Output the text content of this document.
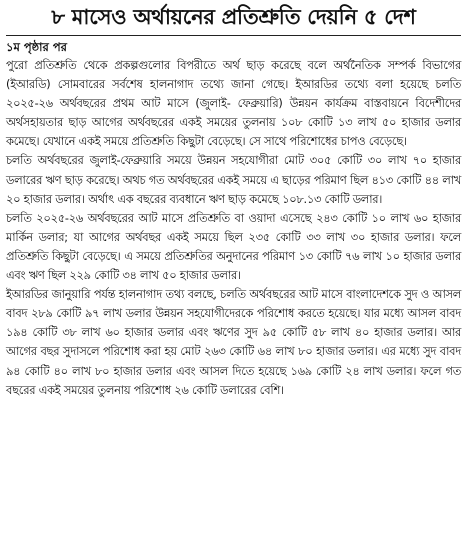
৮ মাসেও অর্থায়নের প্রতিশ্রুতি দেয়নি ৫ দেশ
১ম পৃষ্ঠার পর

পুরো প্রতিশ্রুতি থেকে প্রকল্পগুলোর বিপরীতে অর্থ ছাড় করেছে বলে অর্থনৈতিক সম্পর্ক বিভাগের (ইআরডি) সোমবারের সর্বশেষ হালনাগাদ তথ্যে জানা গেছে। ইআরডির তথ্যে বলা হয়েছে চলতি ২০২৫-২৬ অর্থবছরের প্রথম আট মাসে (জুলাই- ফেব্রুয়ারি) উন্নয়ন কার্যক্রম বাস্তবায়নে বিদেশীদের অর্থসহায়তার ছাড় আগের অর্থবছরের একই সময়ের তুলনায় ১০৮ কোটি ১৩ লাখ ৫০ হাজার ডলার কমেছে। যেখানে একই সময়ে প্রতিশ্রুতি কিছুটা বেড়েছে। সে সাথে পরিশোধের চাপও বেড়েছে।

চলতি অর্থবছরের জুলাই-ফেব্রুয়ারি সময়ে উন্নয়ন সহযোগীরা মোট ৩০৫ কোটি ৩০ লাখ ৭০ হাজার ডলারের ঋণ ছাড় করেছে। অথচ গত অর্থবছরের একই সময়ে এ ছাড়ের পরিমাণ ছিল ৪১৩ কোটি ৪৪ লাখ ২০ হাজার ডলার। অর্থাৎ এক বছরের ব্যবধানে ঋণ ছাড় কমেছে ১০৮.১৩ কোটি ডলার।

চলতি ২০২৫-২৬ অর্থবছরের আট মাসে প্রতিশ্রুতি বা ওয়াদা এসেছে ২৪৩ কোটি ১০ লাখ ৬০ হাজার মার্কিন ডলার; যা আগের অর্থবছর একই সময়ে ছিল ২৩৫ কোটি ৩৩ লাখ ৩০ হাজার ডলার। ফলে প্রতিশ্রুতি কিছুটা বেড়েছে। এ সময়ে প্রতিশ্রুতির অনুদানের পরিমাণ ১৩ কোটি ৭৬ লাখ ১০ হাজার ডলার এবং ঋণ ছিল ২২৯ কোটি ৩৪ লাখ ৫০ হাজার ডলার।

ইআরডির জানুয়ারি পর্যন্ত হালনাগাদ তথ্য বলছে, চলতি অর্থবছরের আট মাসে বাংলাদেশকে সুদ ও আসল বাবদ ২৮৯ কোটি ৯৭ লাখ ডলার উন্নয়ন সহযোগীদেরকে পরিশোধ করতে হয়েছে। যার মধ্যে আসল বাবদ ১৯৪ কোটি ৩৮ লাখ ৬০ হাজার ডলার এবং ঋণের সুদ ৯৫ কোটি ৫৮ লাখ ৪০ হাজার ডলার। আর আগের বছর সুদাসলে পরিশোধ করা হয় মোট ২৬৩ কোটি ৬৪ লাখ ৮০ হাজার ডলার। এর মধ্যে সুদ বাবদ ৯৪ কোটি ৪০ লাখ ৮০ হাজার ডলার এবং আসল দিতে হয়েছে ১৬৯ কোটি ২৪ লাখ ডলার। ফলে গত বছরের একই সময়ের তুলনায় পরিশোধ ২৬ কোটি ডলারের বেশি।
